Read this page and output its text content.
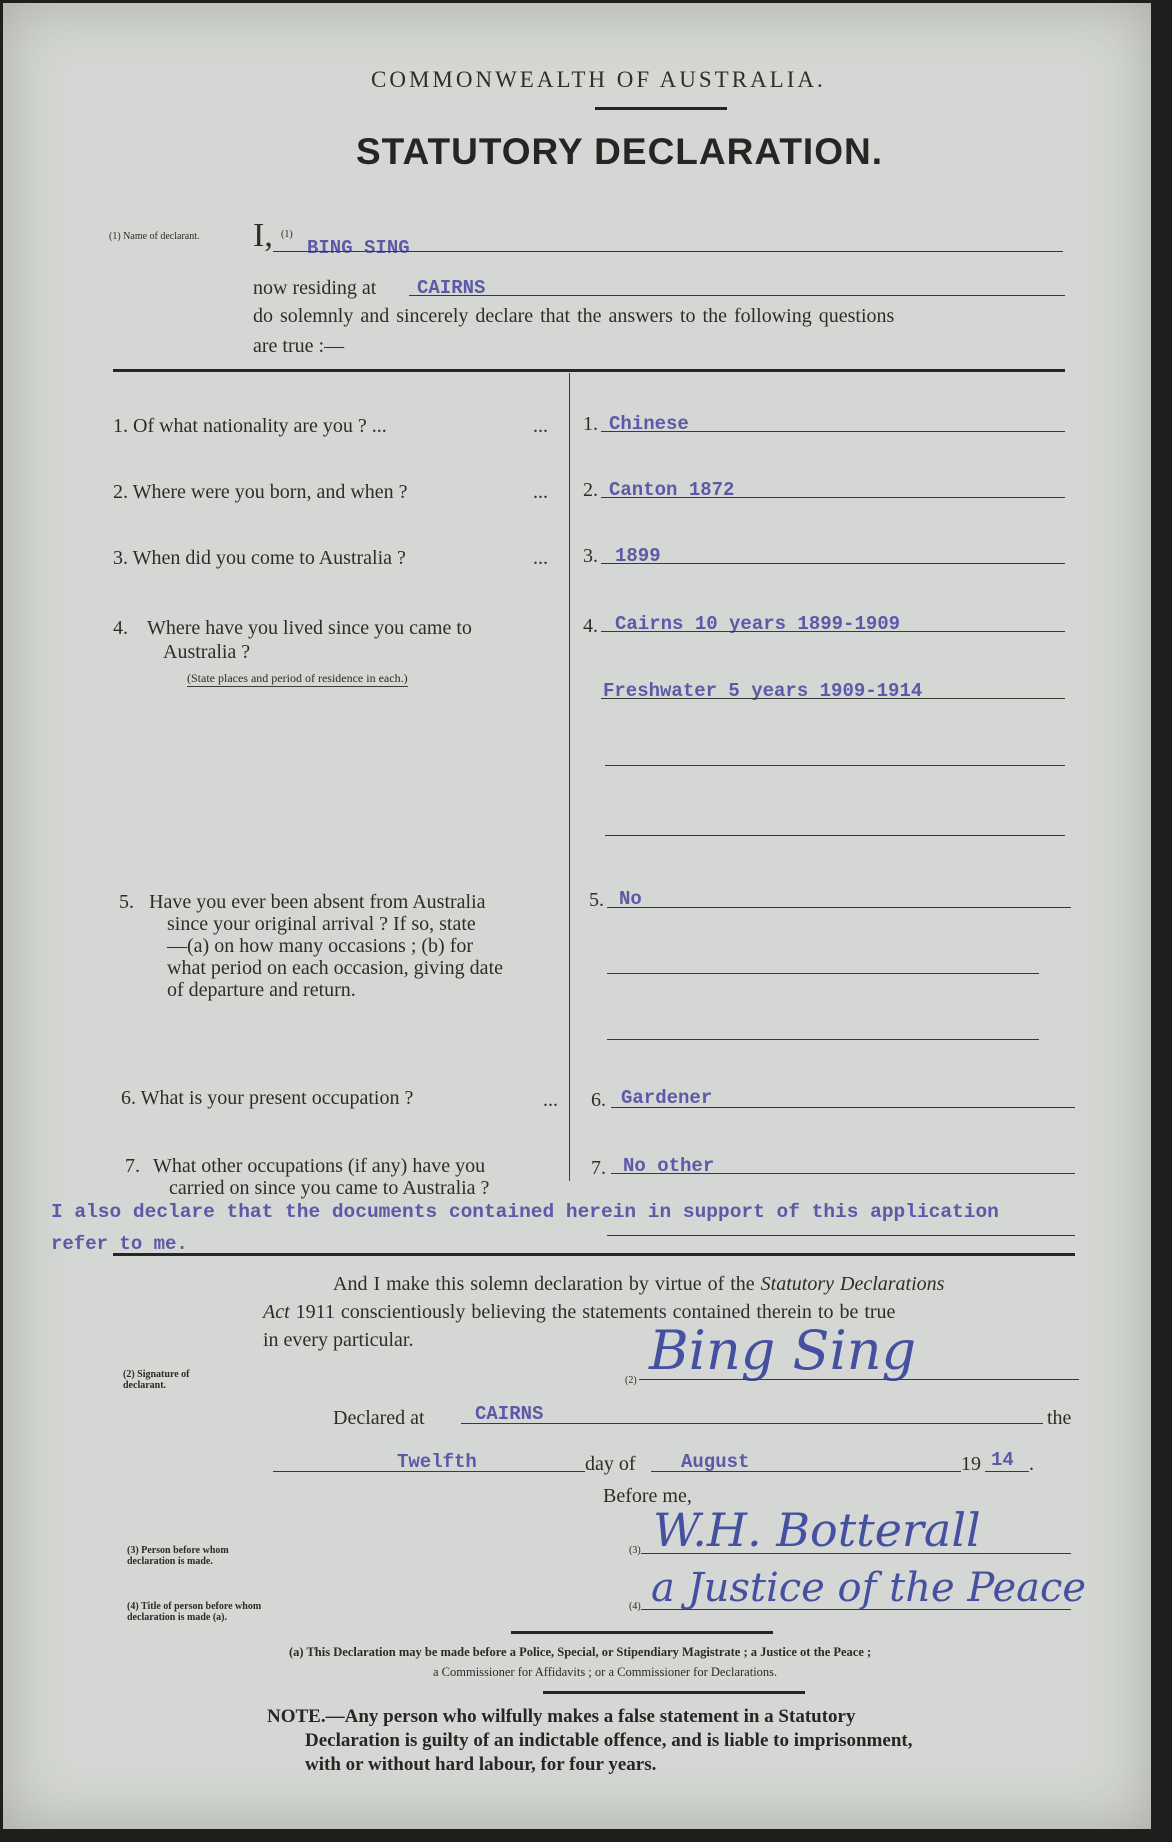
COMMONWEALTH OF AUSTRALIA.
STATUTORY DECLARATION.
(1) Name of declarant. I, (1)
BING SING
now residing at CAIRNS
do solemnly and sincerely declare that the answers to the following questions
are true :—
1. Of what nationality are you ? ...	... 1. Chinese
2. Where were you born, and when ?	... 2. Canton 1872
3. When did you come to Australia ?	... 3. 1899
4. Where have you lived since you came to
Australia ?
(State places and period of residence in each.)
4. Cairns 10 years 1899-1909
Freshwater 5 years 1909-1914
5. Have you ever been absent from Australia
since your original arrival ? If so, state
—(a) on how many occasions ; (b) for
what period on each occasion, giving date
of departure and return.
5. No
6. What is your present occupation ?	... 6. Gardener
7. What other occupations (if any) have you
carried on since you came to Australia ?
7. No other
I also declare that the documents contained herein in support of this application
refer to me.
And I make this solemn declaration by virtue of the Statutory Declarations
Act 1911 conscientiously believing the statements contained therein to be true
in every particular.
(2) Signature of declarant.	(2) Bing Sing
Declared at	CAIRNS	the
Twelfth	day of August	19 14 .
Before me,
(3) Person before whom declaration is made.
(3) W.H. Botterall
(4) Title of person before whom declaration is made (a).
(4) a Justice of the Peace
(a) This Declaration may be made before a Police, Special, or Stipendiary Magistrate ; a Justice ot the Peace ;
a Commissioner for Affidavits ; or a Commissioner for Declarations.
NOTE.—Any person who wilfully makes a false statement in a Statutory
Declaration is guilty of an indictable offence, and is liable to imprisonment,
with or without hard labour, for four years.
